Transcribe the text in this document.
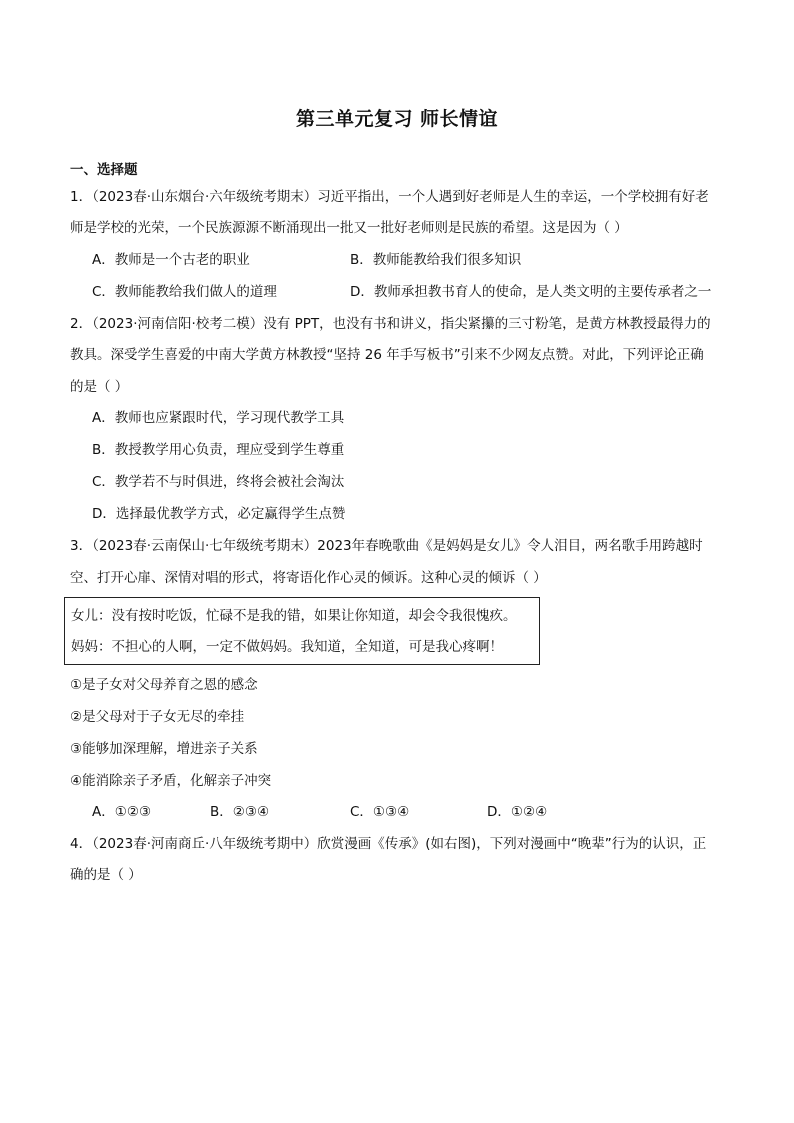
第三单元复习 师长情谊
一、选择题
1．（2023春·山东烟台·六年级统考期末）习近平指出，一个人遇到好老师是人生的幸运，一个学校拥有好老
师是学校的光荣，一个民族源源不断涌现出一批又一批好老师则是民族的希望。这是因为（ ）
A．教师是一个古老的职业	B．教师能教给我们很多知识
C．教师能教给我们做人的道理	D．教师承担教书育人的使命，是人类文明的主要传承者之一
2．（2023·河南信阳·校考二模）没有 PPT，也没有书和讲义，指尖紧攥的三寸粉笔，是黄方林教授最得力的
教具。深受学生喜爱的中南大学黄方林教授“坚持 26 年手写板书”引来不少网友点赞。对此，下列评论正确
的是（ ）
A．教师也应紧跟时代，学习现代教学工具
B．教授教学用心负责，理应受到学生尊重
C．教学若不与时俱进，终将会被社会淘汰
D．选择最优教学方式，必定赢得学生点赞
3．（2023春·云南保山·七年级统考期末）2023年春晚歌曲《是妈妈是女儿》令人泪目，两名歌手用跨越时
空、打开心扉、深情对唱的形式，将寄语化作心灵的倾诉。这种心灵的倾诉（ ）
女儿：没有按时吃饭，忙碌不是我的错，如果让你知道，却会令我很愧疚。
妈妈：不担心的人啊，一定不做妈妈。我知道，全知道，可是我心疼啊！
①是子女对父母养育之恩的感念
②是父母对于子女无尽的牵挂
③能够加深理解，增进亲子关系
④能消除亲子矛盾，化解亲子冲突
A．①②③	B．②③④	C．①③④	D．①②④
4．（2023春·河南商丘·八年级统考期中）欣赏漫画《传承》(如右图)，下列对漫画中“晚辈”行为的认识，正
确的是（ ）
